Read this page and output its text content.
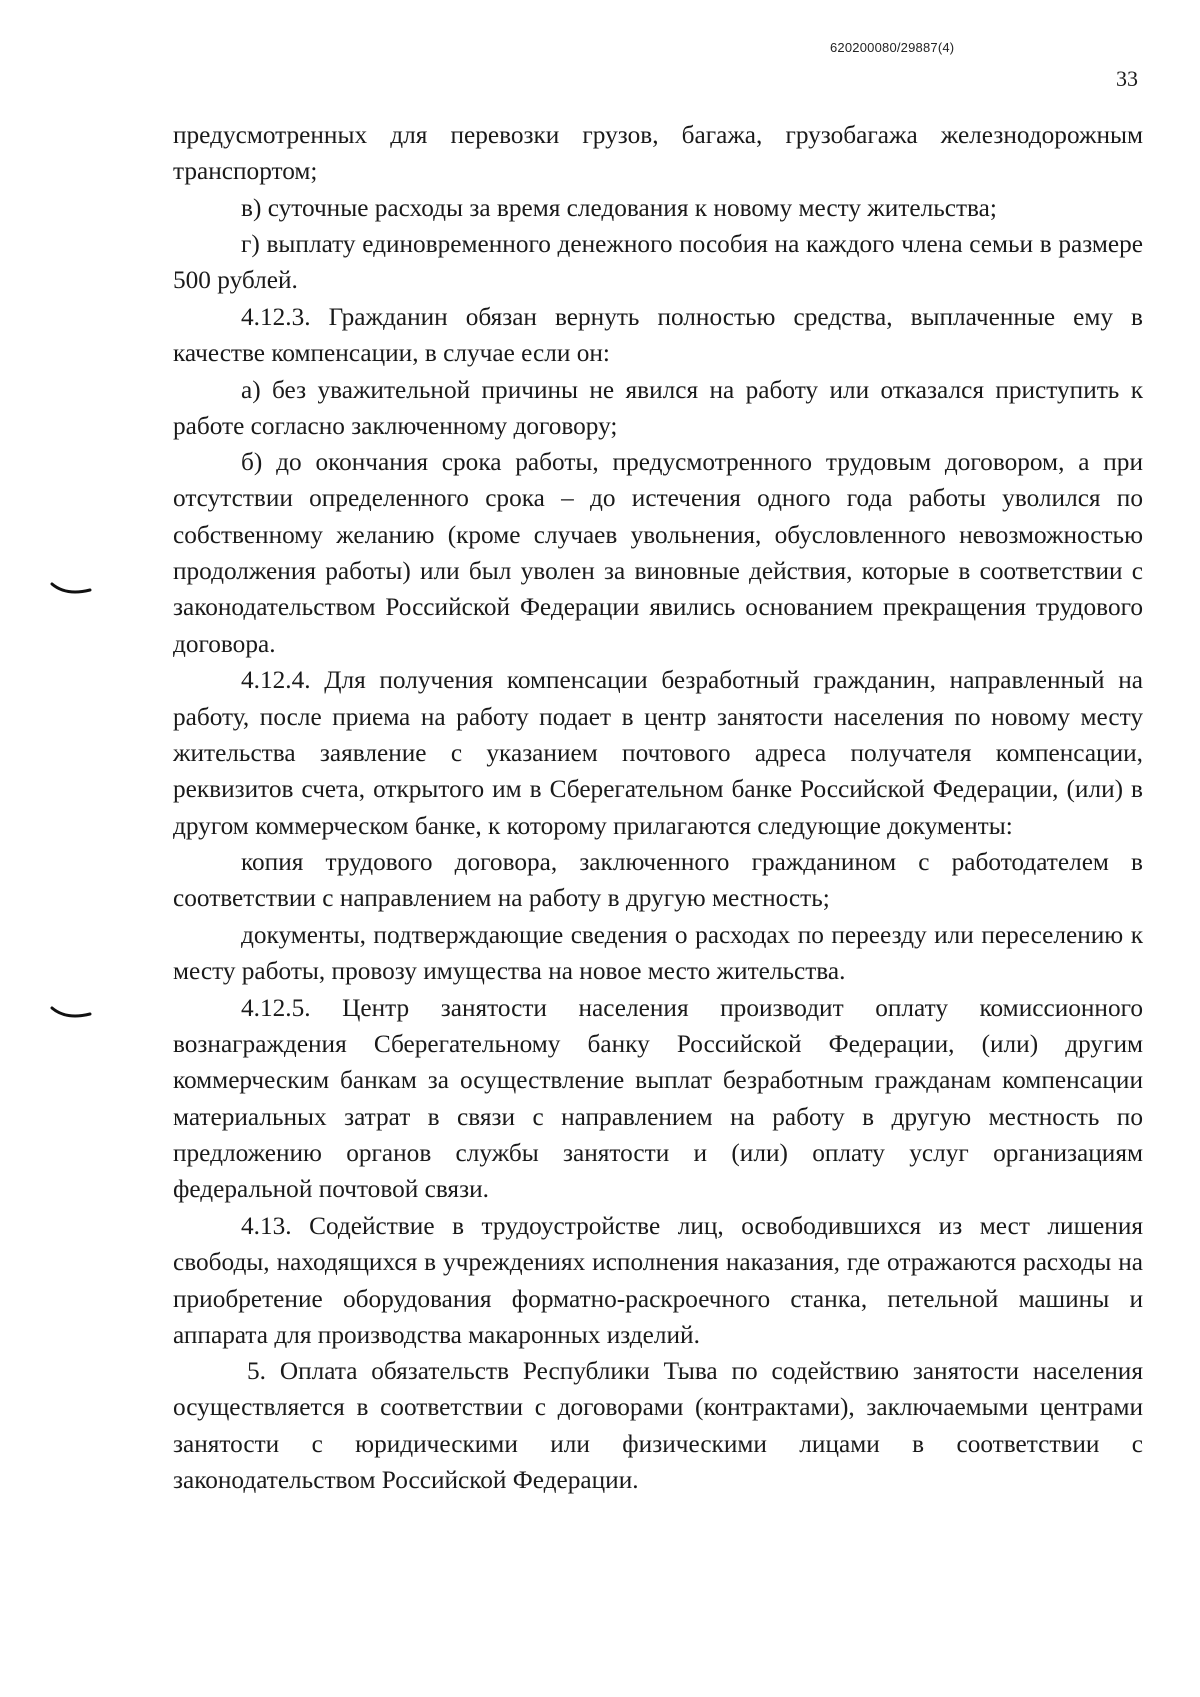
620200080/29887(4)
33

предусмотренных для перевозки грузов, багажа, грузобагажа железнодорожным транспортом;

в) суточные расходы за время следования к новому месту жительства;

г) выплату единовременного денежного пособия на каждого члена семьи в размере 500 рублей.

4.12.3. Гражданин обязан вернуть полностью средства, выплаченные ему в качестве компенсации, в случае если он:

а) без уважительной причины не явился на работу или отказался приступить к работе согласно заключенному договору;

б) до окончания срока работы, предусмотренного трудовым договором, а при отсутствии определенного срока – до истечения одного года работы уволился по собственному желанию (кроме случаев увольнения, обусловленного невозможностью продолжения работы) или был уволен за виновные действия, которые в соответствии с законодательством Российской Федерации явились основанием прекращения трудового договора.

4.12.4. Для получения компенсации безработный гражданин, направленный на работу, после приема на работу подает в центр занятости населения по новому месту жительства заявление с указанием почтового адреса получателя компенсации, реквизитов счета, открытого им в Сберегательном банке Российской Федерации, (или) в другом коммерческом банке, к которому прилагаются следующие документы:

копия трудового договора, заключенного гражданином с работодателем в соответствии с направлением на работу в другую местность;

документы, подтверждающие сведения о расходах по переезду или переселению к месту работы, провозу имущества на новое место жительства.

4.12.5. Центр занятости населения производит оплату комиссионного вознаграждения Сберегательному банку Российской Федерации, (или) другим коммерческим банкам за осуществление выплат безработным гражданам компенсации материальных затрат в связи с направлением на работу в другую местность по предложению органов службы занятости и (или) оплату услуг организациям федеральной почтовой связи.

4.13. Содействие в трудоустройстве лиц, освободившихся из мест лишения свободы, находящихся в учреждениях исполнения наказания, где отражаются расходы на приобретение оборудования форматно-раскроечного станка, петельной машины и аппарата для производства макаронных изделий.

5. Оплата обязательств Республики Тыва по содействию занятости населения осуществляется в соответствии с договорами (контрактами), заключаемыми центрами занятости с юридическими или физическими лицами в соответствии с законодательством Российской Федерации.
